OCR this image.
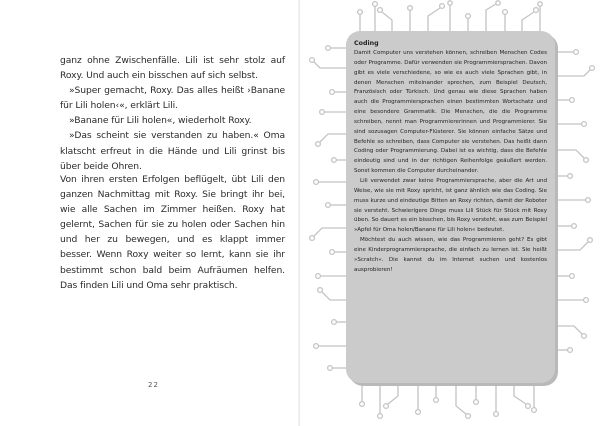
ganz ohne Zwischenfälle. Lili ist sehr stolz auf Roxy. Und auch ein bisschen auf sich selbst.

»Super gemacht, Roxy. Das alles heißt ›Banane für Lili holen‹«, erklärt Lili.

»Banane für Lili holen«, wiederholt Roxy.

»Das scheint sie verstanden zu haben.« Oma klatscht erfreut in die Hände und Lili grinst bis über beide Ohren.

Von ihren ersten Erfolgen beflügelt, übt Lili den ganzen Nachmittag mit Roxy. Sie bringt ihr bei, wie alle Sachen im Zimmer heißen. Roxy hat gelernt, Sachen für sie zu holen oder Sachen hin und her zu bewegen, und es klappt immer besser. Wenn Roxy weiter so lernt, kann sie ihr bestimmt schon bald beim Aufräumen helfen. Das finden Lili und Oma sehr praktisch.

22

Coding

Damit Computer uns verstehen können, schreiben Menschen Codes oder Programme. Dafür verwenden sie Programmiersprachen. Davon gibt es viele verschiedene, so wie es auch viele Sprachen gibt, in denen Menschen miteinander sprechen, zum Beispiel Deutsch, Französisch oder Türkisch. Und genau wie diese Sprachen haben auch die Programmiersprachen einen bestimmten Wortschatz und eine besondere Grammatik. Die Menschen, die die Programme schreiben, nennt man Programmiererinnen und Programmierer. Sie sind sozusagen Computer-Flüsterer. Sie können einfache Sätze und Befehle so schreiben, dass Computer sie verstehen. Das heißt dann Coding oder Programmierung. Dabei ist es wichtig, dass die Befehle eindeutig sind und in der richtigen Reihenfolge geäußert werden. Sonst kommen die Computer durcheinander.

Lili verwendet zwar keine Programmiersprache, aber die Art und Weise, wie sie mit Roxy spricht, ist ganz ähnlich wie das Coding. Sie muss kurze und eindeutige Bitten an Roxy richten, damit der Roboter sie versteht. Schwierigere Dinge muss Lili Stück für Stück mit Roxy üben. So dauert es ein bisschen, bis Roxy versteht, was zum Beispiel »Apfel für Oma holen/Banane für Lili holen« bedeutet.

Möchtest du auch wissen, wie das Programmieren geht? Es gibt eine Kinderprogrammiersprache, die einfach zu lernen ist. Sie heißt »Scratch«. Die kannst du im Internet suchen und kostenlos ausprobieren!
